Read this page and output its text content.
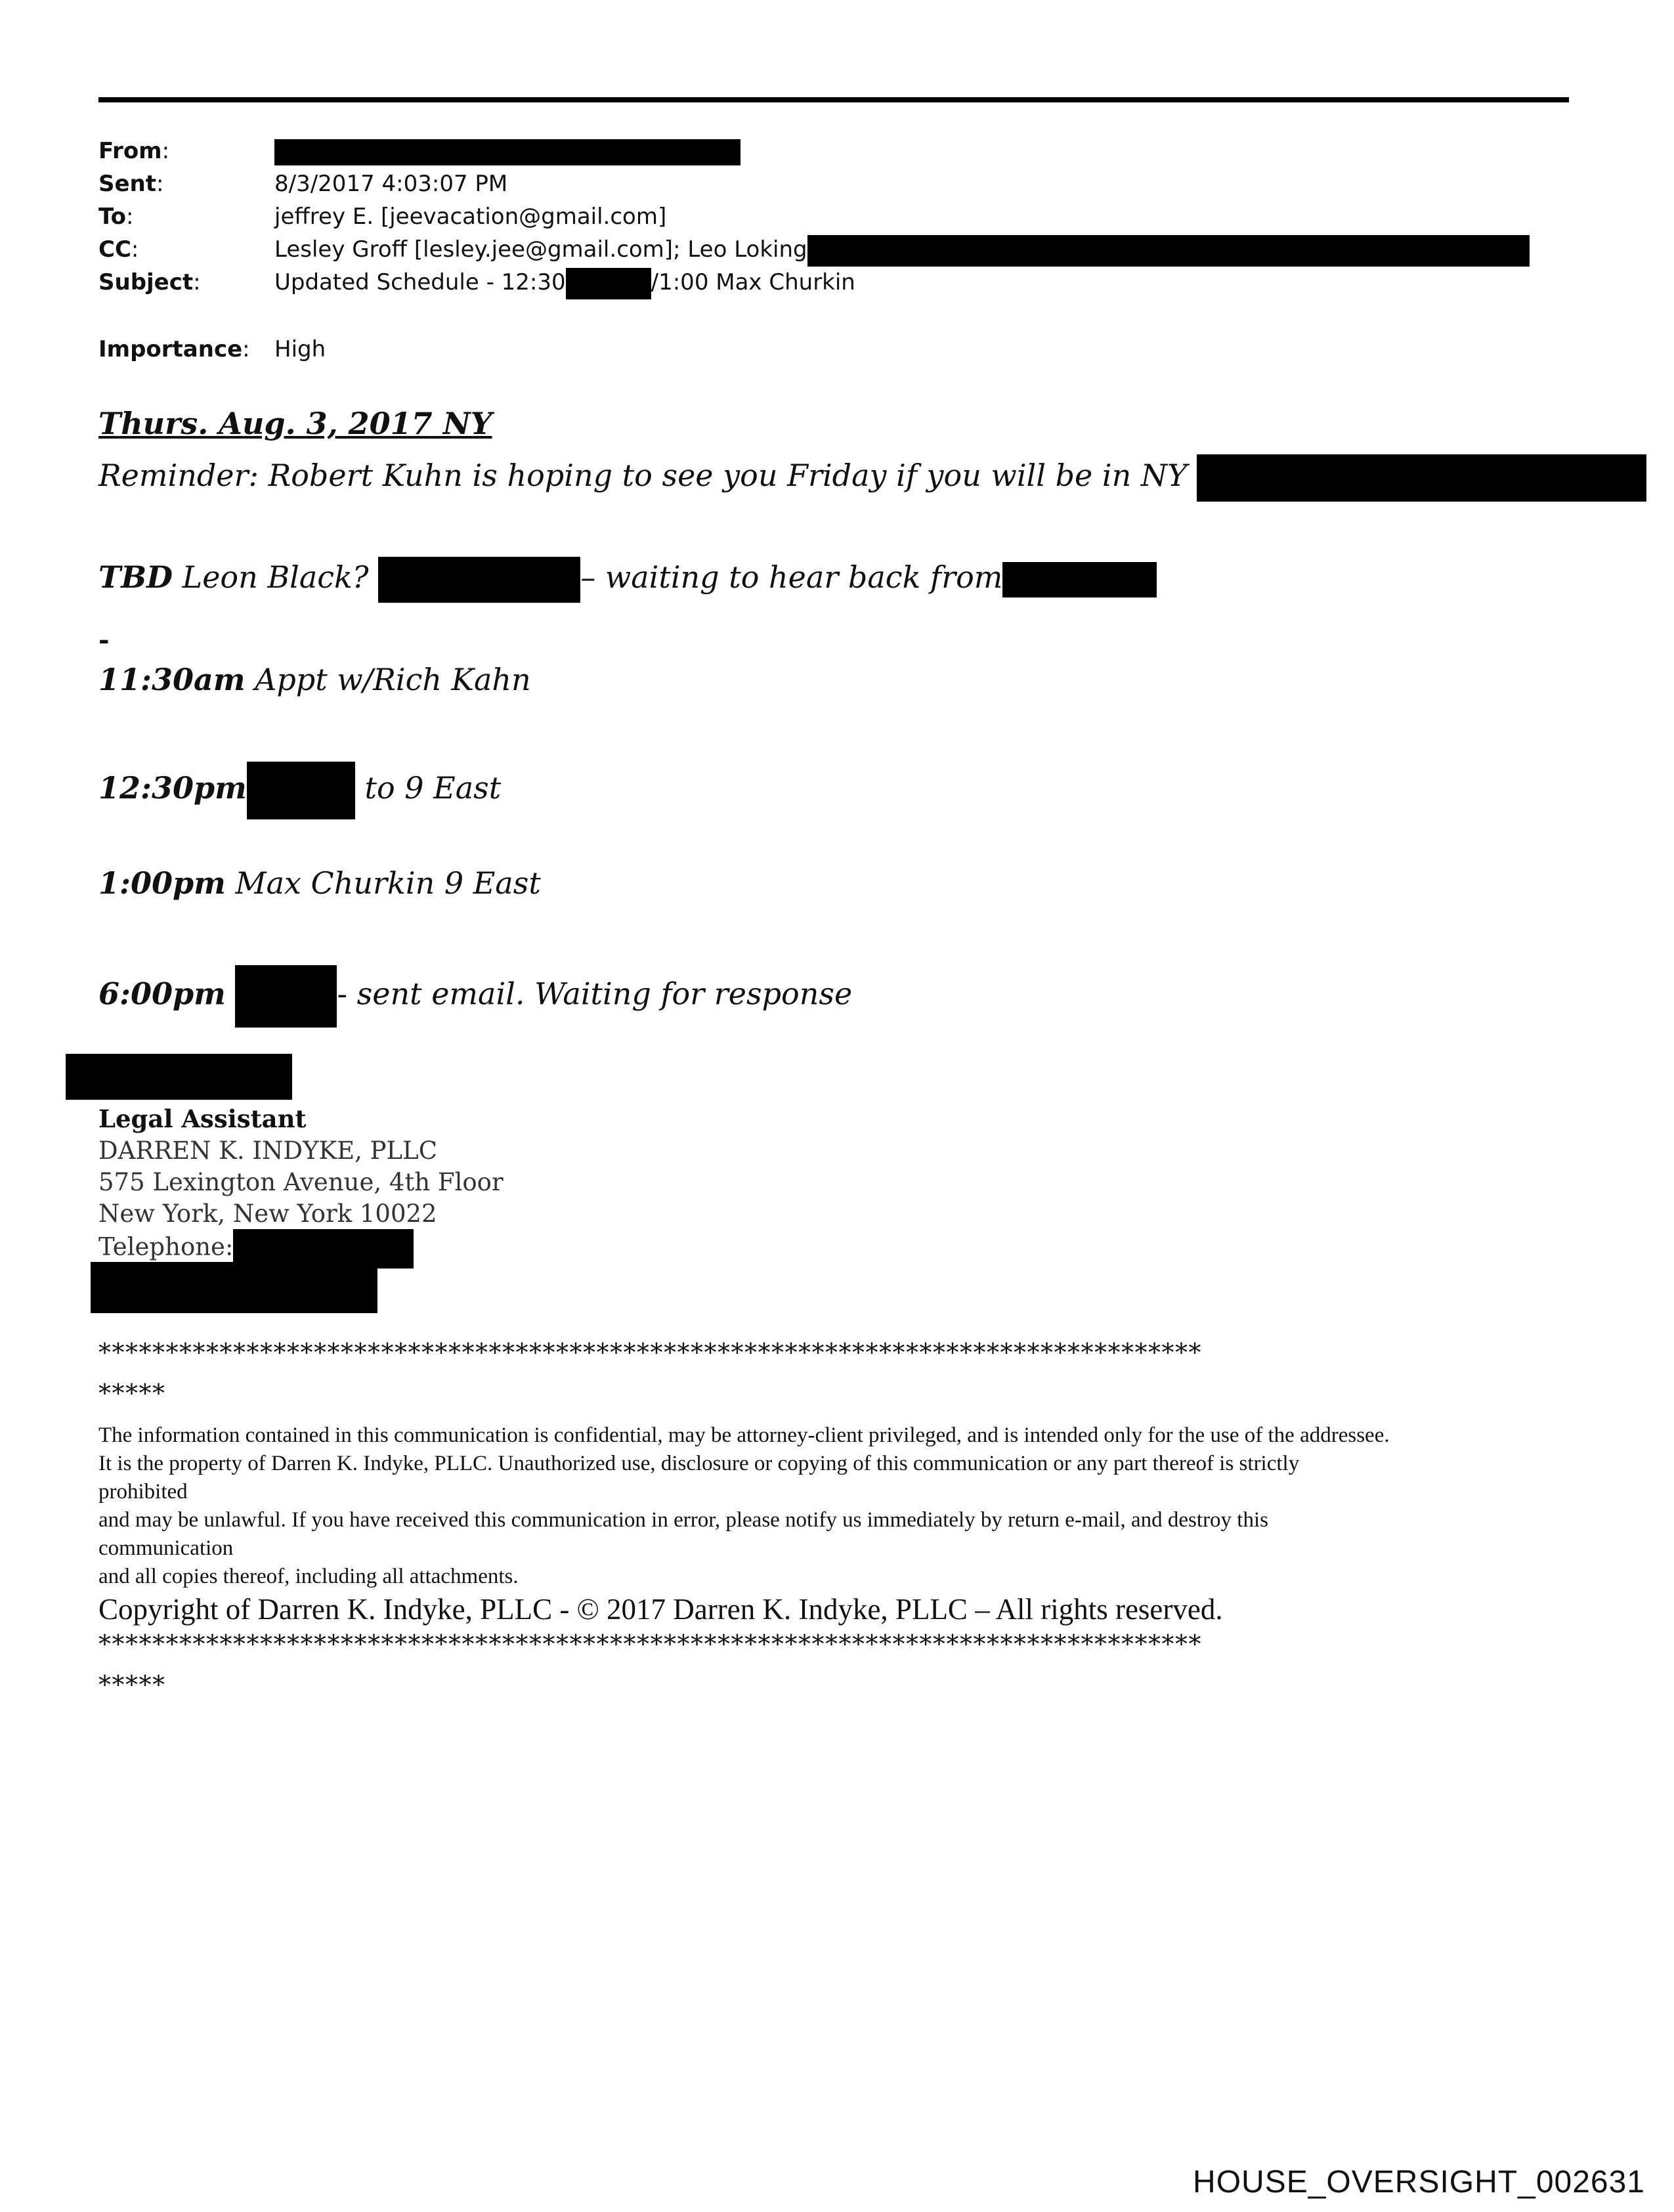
From:
Sent:	8/3/2017 4:03:07 PM
To:	jeffrey E. [jeevacation@gmail.com]
CC:	Lesley Groff [lesley.jee@gmail.com]; Leo Loking
Subject:	Updated Schedule - 12:30	/1:00 Max Churkin
Importance: High
Thurs. Aug. 3, 2017 NY
Reminder: Robert Kuhn is hoping to see you Friday if you will be in NY
TBD Leon Black?	– waiting to hear back from
-
11:30am Appt w/Rich Kahn
12:30pm	to 9 East
1:00pm Max Churkin 9 East
6:00pm	- sent email. Waiting for response
Legal Assistant
DARREN K. INDYKE, PLLC
575 Lexington Avenue, 4th Floor
New York, New York 10022
Telephone:
**********************************************************************************
*****

The information contained in this communication is confidential, may be attorney-client privileged, and is intended only for the use of the addressee.

It is the property of Darren K. Indyke, PLLC. Unauthorized use, disclosure or copying of this communication or any part thereof is strictly

prohibited

and may be unlawful. If you have received this communication in error, please notify us immediately by return e-mail, and destroy this

communication

and all copies thereof, including all attachments.

Copyright of Darren K. Indyke, PLLC - © 2017 Darren K. Indyke, PLLC – All rights reserved.
**********************************************************************************
*****
HOUSE_OVERSIGHT_002631
